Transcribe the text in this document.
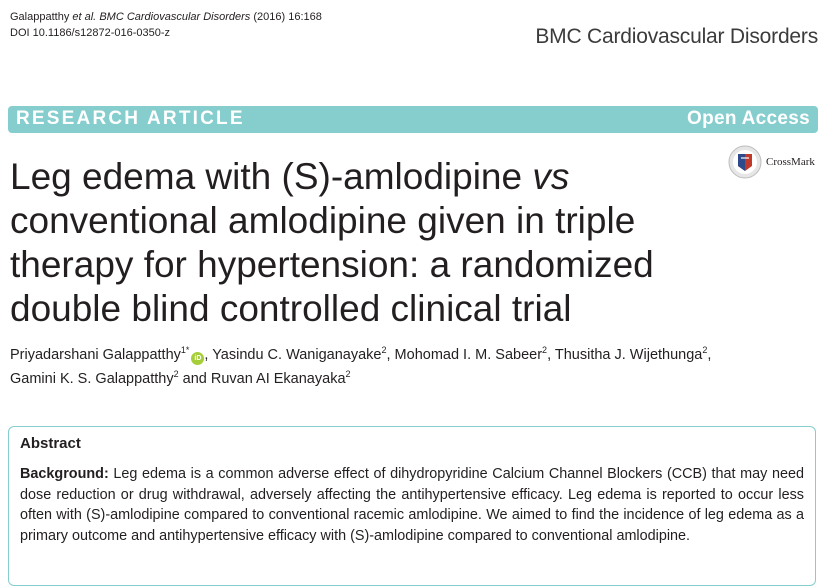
Galappatthy et al. BMC Cardiovascular Disorders (2016) 16:168
DOI 10.1186/s12872-016-0350-z	BMC Cardiovascular Disorders
RESEARCH ARTICLE	Open Access
CrossMark
Leg edema with (S)-amlodipine vs conventional amlodipine given in triple therapy for hypertension: a randomized double blind controlled clinical trial
Priyadarshani Galappatthy$^{1*}$iD , Yasindu C. Waniganayake$^2$, Mohomad I. M. Sabeer$^2$, Thusitha J. Wijethunga$^2$,
Gamini K. S. Galappatthy$^2$ and Ruvan AI Ekanayaka$^2$
Abstract

Background: Leg edema is a common adverse effect of dihydropyridine Calcium Channel Blockers (CCB) that may need dose reduction or drug withdrawal, adversely affecting the antihypertensive efficacy. Leg edema is reported to occur less often with (S)-amlodipine compared to conventional racemic amlodipine. We aimed to find the incidence of leg edema as a primary outcome and antihypertensive efficacy with (S)-amlodipine compared to conventional amlodipine.
